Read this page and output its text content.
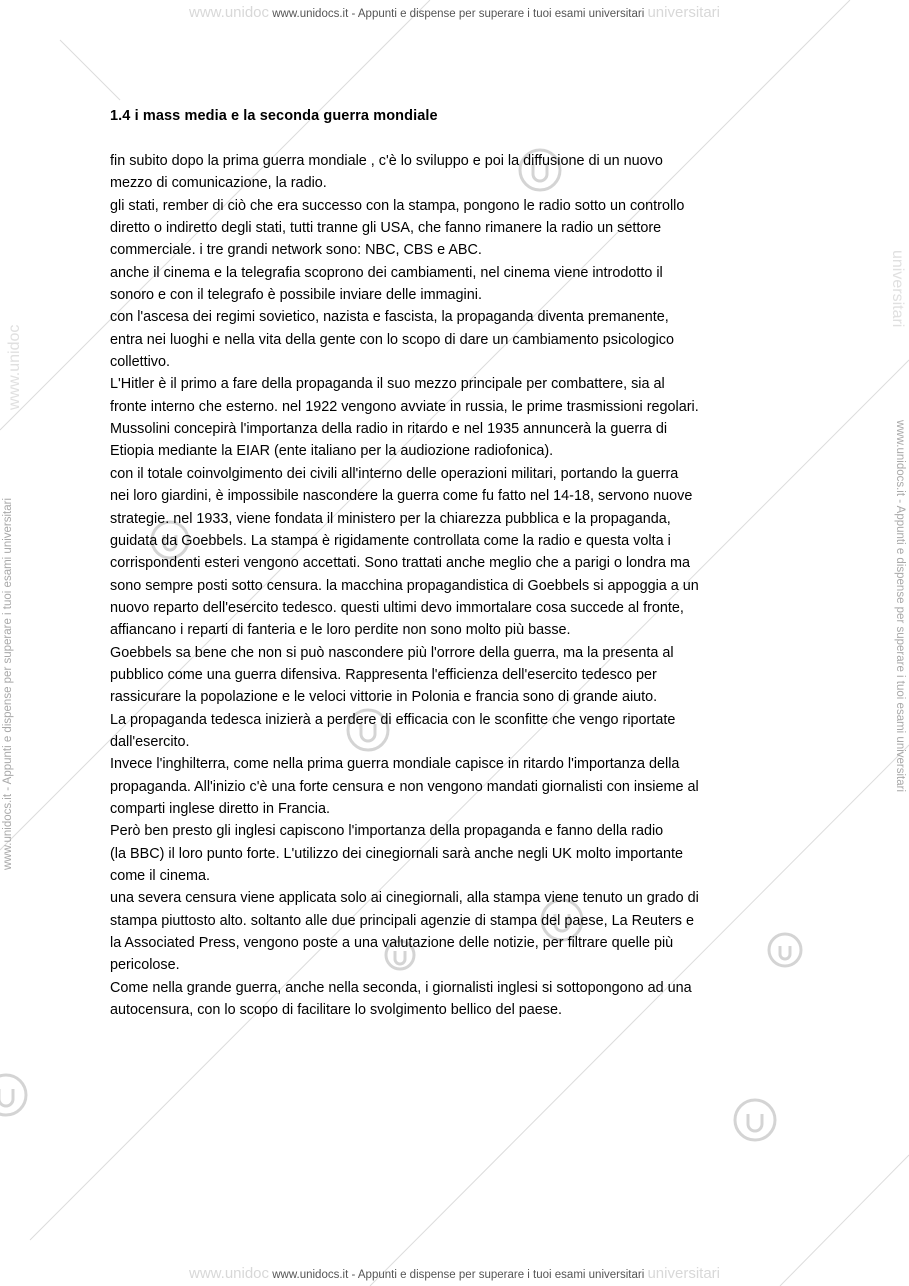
www.unidoc www.unidocs.it - Appunti e dispense per superare i tuoi esami universitari universitari
www.unidoc
www.unidocs.it - Appunti e dispense per superare i tuoi esami universitari
universitari
www.unidocs.it - Appunti e dispense per superare i tuoi esami universitari
1.4 i mass media e la seconda guerra mondiale

fin subito dopo la prima guerra mondiale , c'è lo sviluppo e poi la diffusione di un nuovo

mezzo di comunicazione, la radio.

gli stati, rember di ciò che era successo con la stampa, pongono le radio sotto un controllo

diretto o indiretto degli stati, tutti tranne gli USA, che fanno rimanere la radio un settore

commerciale. i tre grandi network sono: NBC, CBS e ABC.

anche il cinema e la telegrafia scoprono dei cambiamenti, nel cinema viene introdotto il

sonoro e con il telegrafo è possibile inviare delle immagini.

con l'ascesa dei regimi sovietico, nazista e fascista, la propaganda diventa premanente,

entra nei luoghi e nella vita della gente con lo scopo di dare un cambiamento psicologico

collettivo.

L'Hitler è il primo a fare della propaganda il suo mezzo principale per combattere, sia al

fronte interno che esterno. nel 1922 vengono avviate in russia, le prime trasmissioni regolari.

Mussolini concepirà l'importanza della radio in ritardo e nel 1935 annuncerà la guerra di

Etiopia mediante la EIAR (ente italiano per la audiozione radiofonica).

con il totale coinvolgimento dei civili all'interno delle operazioni militari, portando la guerra

nei loro giardini, è impossibile nascondere la guerra come fu fatto nel 14-18, servono nuove

strategie. nel 1933, viene fondata il ministero per la chiarezza pubblica e la propaganda,

guidata da Goebbels. La stampa è rigidamente controllata come la radio e questa volta i

corrispondenti esteri vengono accettati. Sono trattati anche meglio che a parigi o londra ma

sono sempre posti sotto censura. la macchina propagandistica di Goebbels si appoggia a un

nuovo reparto dell'esercito tedesco. questi ultimi devo immortalare cosa succede al fronte,

affiancano i reparti di fanteria e le loro perdite non sono molto più basse.

Goebbels sa bene che non si può nascondere più l'orrore della guerra, ma la presenta al

pubblico come una guerra difensiva. Rappresenta l'efficienza dell'esercito tedesco per

rassicurare la popolazione e le veloci vittorie in Polonia e francia sono di grande aiuto.

La propaganda tedesca inizierà a perdere di efficacia con le sconfitte che vengo riportate

dall'esercito.

Invece l'inghilterra, come nella prima guerra mondiale capisce in ritardo l'importanza della

propaganda. All'inizio c'è una forte censura e non vengono mandati giornalisti con insieme al

comparti inglese diretto in Francia.

Però ben presto gli inglesi capiscono l'importanza della propaganda e fanno della radio

(la BBC) il loro punto forte. L'utilizzo dei cinegiornali sarà anche negli UK molto importante

come il cinema.

una severa censura viene applicata solo ai cinegiornali, alla stampa viene tenuto un grado di

stampa piuttosto alto. soltanto alle due principali agenzie di stampa del paese, La Reuters e

la Associated Press, vengono poste a una valutazione delle notizie, per filtrare quelle più

pericolose.

Come nella grande guerra, anche nella seconda, i giornalisti inglesi si sottopongono ad una

autocensura, con lo scopo di facilitare lo svolgimento bellico del paese.

www.unidoc www.unidocs.it - Appunti e dispense per superare i tuoi esami universitari universitari
